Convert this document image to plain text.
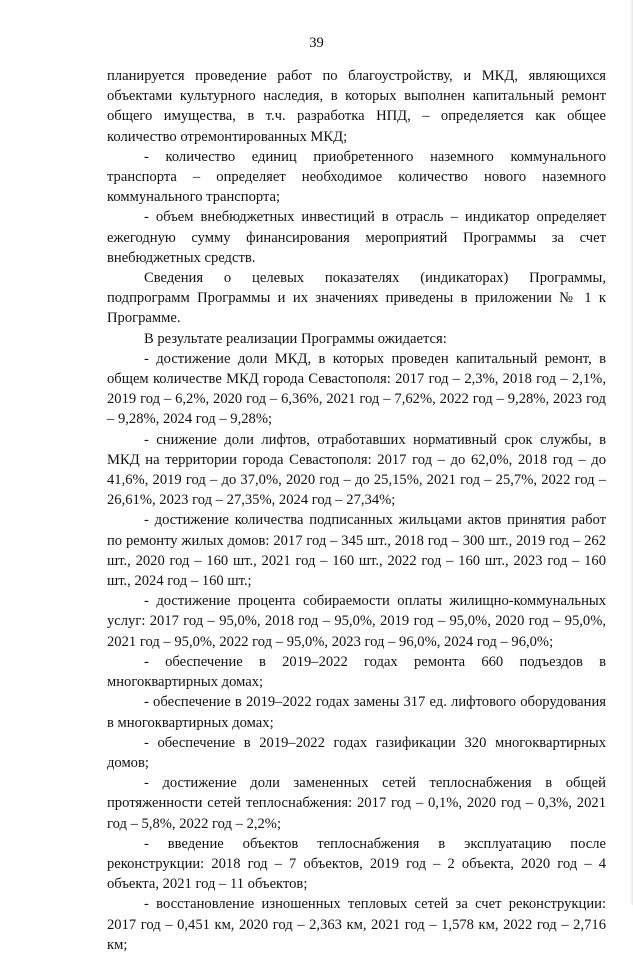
39

планируется проведение работ по благоустройству, и МКД, являющихся объектами культурного наследия, в которых выполнен капитальный ремонт общего имущества, в т.ч. разработка НПД, – определяется как общее количество отремонтированных МКД;

- количество единиц приобретенного наземного коммунального транспорта – определяет необходимое количество нового наземного коммунального транспорта;

- объем внебюджетных инвестиций в отрасль – индикатор определяет ежегодную сумму финансирования мероприятий Программы за счет внебюджетных средств.

Сведения о целевых показателях (индикаторах) Программы, подпрограмм Программы и их значениях приведены в приложении № 1 к Программе.

В результате реализации Программы ожидается:

- достижение доли МКД, в которых проведен капитальный ремонт, в общем количестве МКД города Севастополя: 2017 год – 2,3%, 2018 год – 2,1%, 2019 год – 6,2%, 2020 год – 6,36%, 2021 год – 7,62%, 2022 год – 9,28%, 2023 год – 9,28%, 2024 год – 9,28%;

- снижение доли лифтов, отработавших нормативный срок службы, в МКД на территории города Севастополя: 2017 год – до 62,0%, 2018 год – до 41,6%, 2019 год – до 37,0%, 2020 год – до 25,15%, 2021 год – 25,7%, 2022 год – 26,61%, 2023 год – 27,35%, 2024 год – 27,34%;

- достижение количества подписанных жильцами актов принятия работ по ремонту жилых домов: 2017 год – 345 шт., 2018 год – 300 шт., 2019 год – 262 шт., 2020 год – 160 шт., 2021 год – 160 шт., 2022 год – 160 шт., 2023 год – 160 шт., 2024 год – 160 шт.;

- достижение процента собираемости оплаты жилищно-коммунальных услуг: 2017 год – 95,0%, 2018 год – 95,0%, 2019 год – 95,0%, 2020 год – 95,0%, 2021 год – 95,0%, 2022 год – 95,0%, 2023 год – 96,0%, 2024 год – 96,0%;

- обеспечение в 2019–2022 годах ремонта 660 подъездов в многоквартирных домах;

- обеспечение в 2019–2022 годах замены 317 ед. лифтового оборудования в многоквартирных домах;

- обеспечение в 2019–2022 годах газификации 320 многоквартирных домов;

- достижение доли замененных сетей теплоснабжения в общей протяженности сетей теплоснабжения: 2017 год – 0,1%, 2020 год – 0,3%, 2021 год – 5,8%, 2022 год – 2,2%;

- введение объектов теплоснабжения в эксплуатацию после реконструкции: 2018 год – 7 объектов, 2019 год – 2 объекта, 2020 год – 4 объекта, 2021 год – 11 объектов;

- восстановление изношенных тепловых сетей за счет реконструкции: 2017 год – 0,451 км, 2020 год – 2,363 км, 2021 год – 1,578 км, 2022 год – 2,716 км;
